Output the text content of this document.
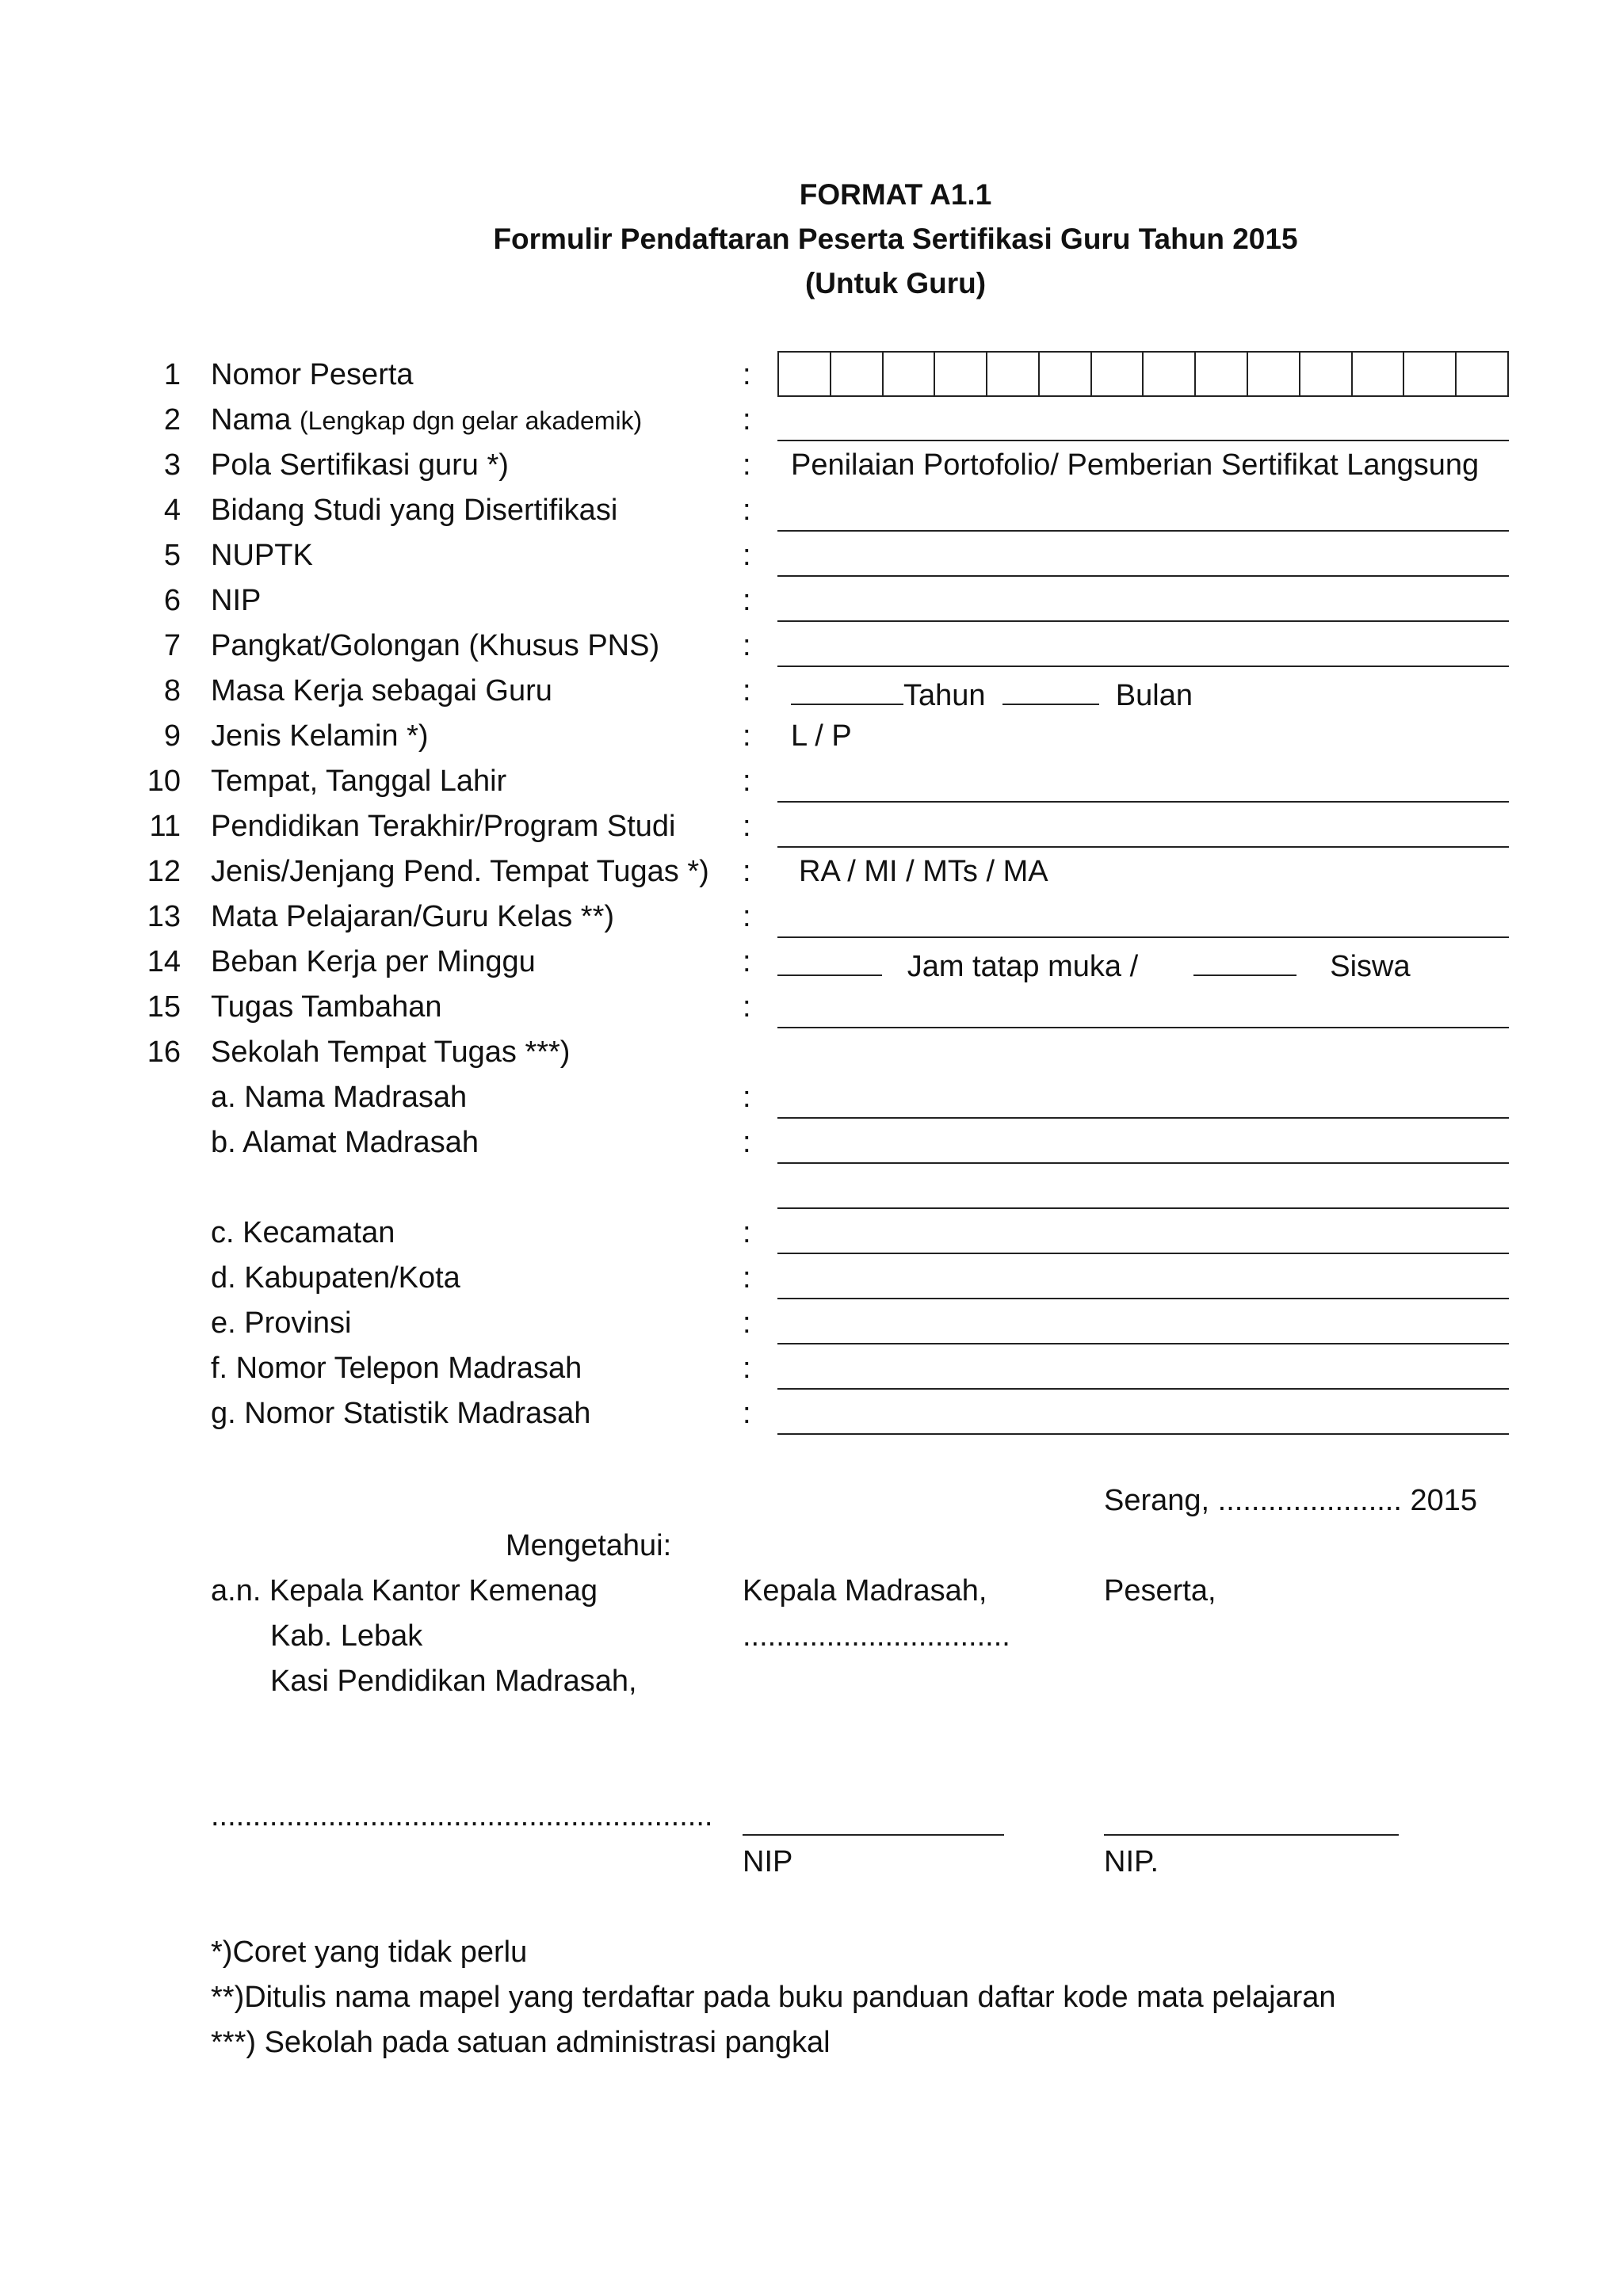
FORMAT A1.1
Formulir Pendaftaran Peserta Sertifikasi Guru Tahun 2015
(Untuk Guru)
1 Nomor Peserta	:
2 Nama (Lengkap dgn gelar akademik)	:
3 Pola Sertifikasi guru *)	: Penilaian Portofolio/ Pemberian Sertifikat Langsung
4 Bidang Studi yang Disertifikasi	:
5 NUPTK	:
6 NIP	:
7 Pangkat/Golongan (Khusus PNS)	:
8 Masa Kerja sebagai Guru	:	Tahun	Bulan
9 Jenis Kelamin *)	: L / P
10 Tempat, Tanggal Lahir	:
11 Pendidikan Terakhir/Program Studi :
12 Jenis/Jenjang Pend. Tempat Tugas *) : RA / MI / MTs / MA
13 Mata Pelajaran/Guru Kelas **)	:
14 Beban Kerja per Minggu	:	Jam tatap muka /	Siswa
15 Tugas Tambahan	:
16 Sekolah Tempat Tugas ***)
a. Nama Madrasah	:
b. Alamat Madrasah	:
c. Kecamatan	:
d. Kabupaten/Kota	:
e. Provinsi	:
f. Nomor Telepon Madrasah	:
g. Nomor Statistik Madrasah	:
Serang, ...................... 2015
Mengetahui:
a.n. Kepala Kantor Kemenag
Kab. Lebak
Kasi Pendidikan Madrasah,
Kepala Madrasah,
................................
Peserta,
............................................................
NIP	NIP.
*)Coret yang tidak perlu
**)Ditulis nama mapel yang terdaftar pada buku panduan daftar kode mata pelajaran
***) Sekolah pada satuan administrasi pangkal
